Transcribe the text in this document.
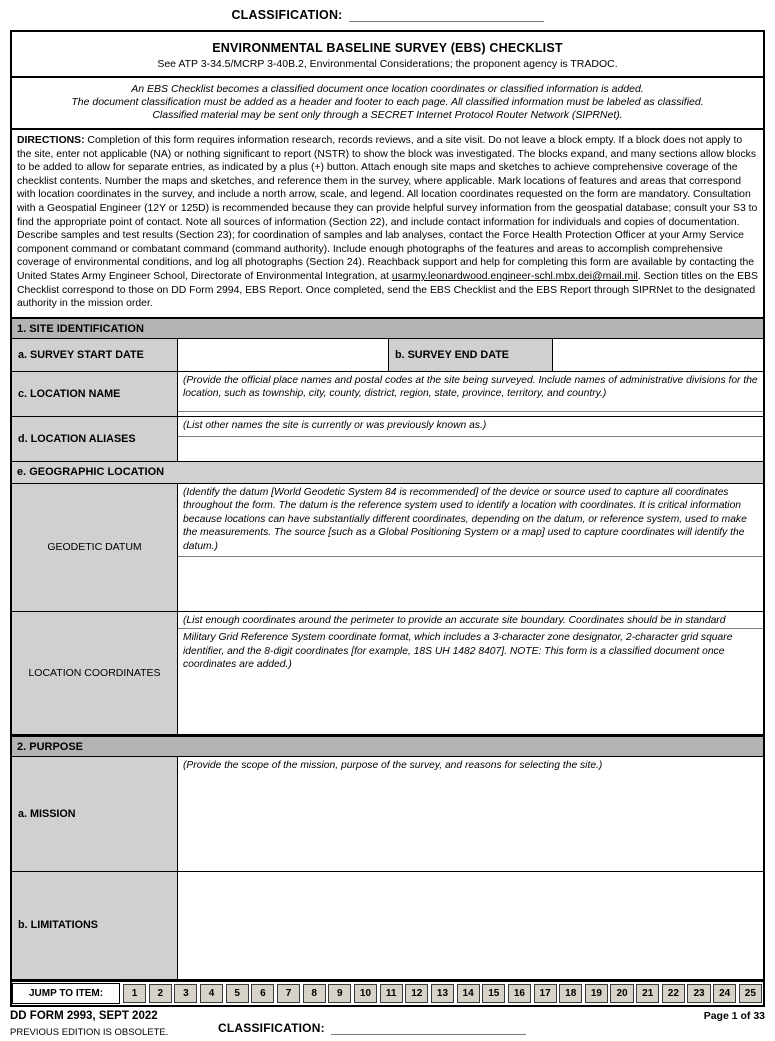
CLASSIFICATION:
ENVIRONMENTAL BASELINE SURVEY (EBS) CHECKLIST
See ATP 3-34.5/MCRP 3-40B.2, Environmental Considerations; the proponent agency is TRADOC.
An EBS Checklist becomes a classified document once location coordinates or classified information is added.
The document classification must be added as a header and footer to each page. All classified information must be labeled as classified.
Classified material may be sent only through a SECRET Internet Protocol Router Network (SIPRNet).
DIRECTIONS: Completion of this form requires information research, records reviews, and a site visit. Do not leave a block empty. If a block does not apply to the site, enter not applicable (NA) or nothing significant to report (NSTR) to show the block was investigated. The blocks expand, and many sections allow blocks to be added to allow for separate entries, as indicated by a plus (+) button. Attach enough site maps and sketches to achieve comprehensive coverage of the checklist contents. Number the maps and sketches, and reference them in the survey, where applicable. Mark locations of features and areas that correspond with location coordinates in the survey, and include a north arrow, scale, and legend. All location coordinates requested on the form are mandatory. Consultation with a Geospatial Engineer (12Y or 125D) is recommended because they can provide helpful survey information from the geospatial database; consult your S3 to find the appropriate point of contact. Note all sources of information (Section 22), and include contact information for individuals and copies of documentation. Describe samples and test results (Section 23); for coordination of samples and lab analyses, contact the Force Health Protection Officer at your Army Service component command or combatant command (command authority). Include enough photographs of the features and areas to accomplish comprehensive coverage of environmental conditions, and log all photographs (Section 24). Reachback support and help for completing this form are available by contacting the United States Army Engineer School, Directorate of Environmental Integration, at usarmy.leonardwood.engineer-schl.mbx.dei@mail.mil. Section titles on the EBS Checklist correspond to those on DD Form 2994, EBS Report. Once completed, send the EBS Checklist and the EBS Report through SIPRNet to the designated authority in the mission order.
1. SITE IDENTIFICATION
a. SURVEY START DATE	b. SURVEY END DATE
c. LOCATION NAME
(Provide the official place names and postal codes at the site being surveyed. Include names of administrative divisions for the location, such as township, city, county, district, region, state, province, territory, and country.)
d. LOCATION ALIASES
(List other names the site is currently or was previously known as.)
e. GEOGRAPHIC LOCATION
GEODETIC DATUM
(Identify the datum [World Geodetic System 84 is recommended] of the device or source used to capture all coordinates throughout the form. The datum is the reference system used to identify a location with coordinates. It is critical information because locations can have substantially different coordinates, depending on the datum, or reference system, used to make the measurements. The source [such as a Global Positioning System or a map] used to capture coordinates will identify the datum.)
LOCATION COORDINATES
(List enough coordinates around the perimeter to provide an accurate site boundary. Coordinates should be in standard
Military Grid Reference System coordinate format, which includes a 3-character zone designator, 2-character grid square identifier, and the 8-digit coordinates [for example, 18S UH 1482 8407]. NOTE: This form is a classified document once coordinates are added.)
2. PURPOSE
a. MISSION
(Provide the scope of the mission, purpose of the survey, and reasons for selecting the site.)
b. LIMITATIONS
JUMP TO ITEM:	1	2	3	4	5	6	7	8	9	10	11	12	13	14	15	16	17	18	19	20	21	22	23	24	25
DD FORM 2993, SEPT 2022	Page 1 of 33
PREVIOUS EDITION IS OBSOLETE.	CLASSIFICATION:
